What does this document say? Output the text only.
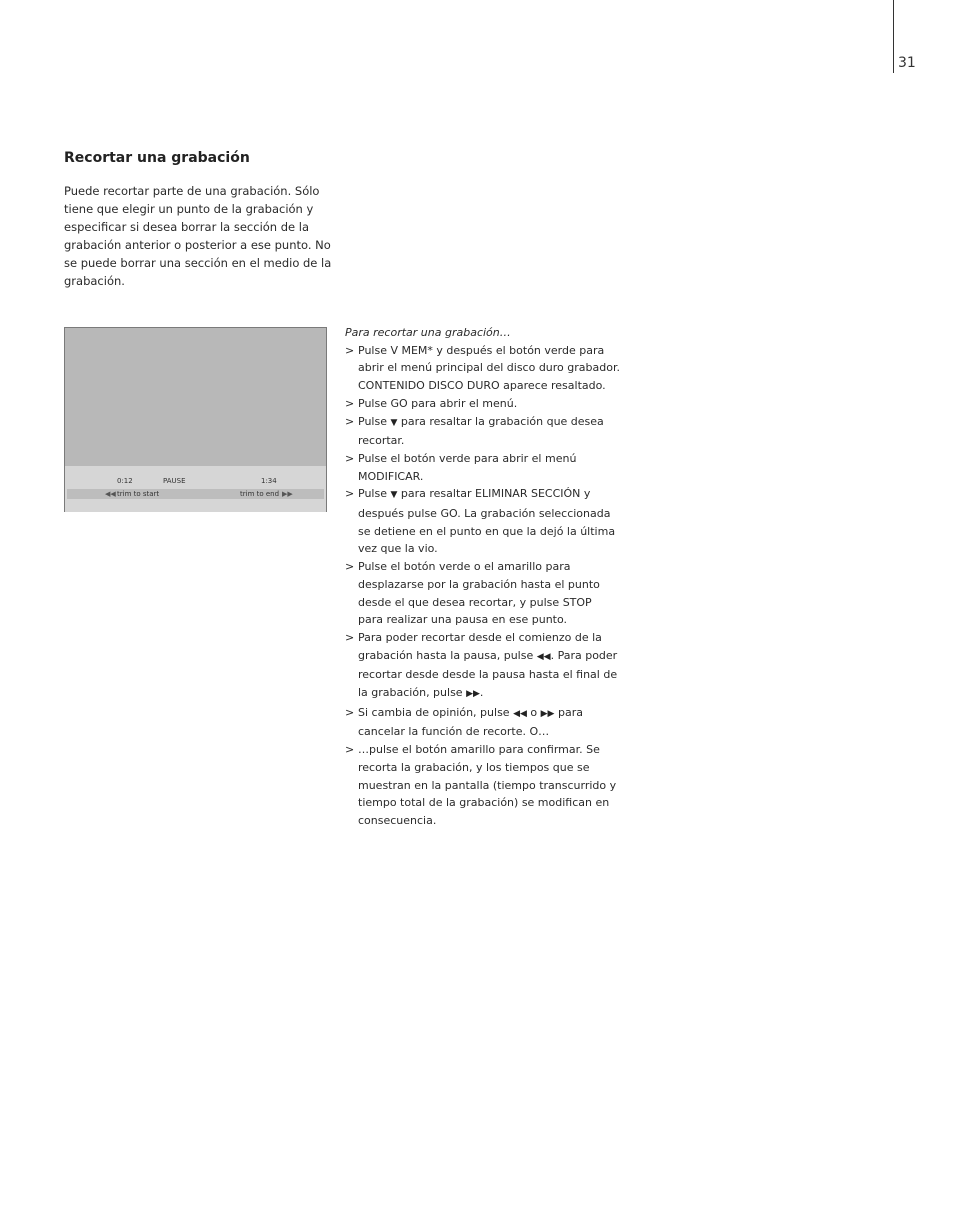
31
Recortar una grabación

Puede recortar parte de una grabación. Sólo tiene que elegir un punto de la grabación y especificar si desea borrar la sección de la grabación anterior o posterior a ese punto. No se puede borrar una sección en el medio de la grabación.

0:12	PAUSE	1:34
◀◀ trim to start	trim to end ▶▶

Para recortar una grabación…

> Pulse V MEM* y después el botón verde para abrir el menú principal del disco duro grabador. CONTENIDO DISCO DURO aparece resaltado.
> Pulse GO para abrir el menú.
> Pulse ▼ para resaltar la grabación que desea recortar.
> Pulse el botón verde para abrir el menú MODIFICAR.
> Pulse ▼ para resaltar ELIMINAR SECCIÓN y después pulse GO. La grabación seleccionada se detiene en el punto en que la dejó la última vez que la vio.
> Pulse el botón verde o el amarillo para desplazarse por la grabación hasta el punto desde el que desea recortar, y pulse STOP para realizar una pausa en ese punto.
> Para poder recortar desde el comienzo de la grabación hasta la pausa, pulse ◀◀. Para poder recortar desde desde la pausa hasta el final de la grabación, pulse ▶▶.
> Si cambia de opinión, pulse ◀◀ o ▶▶ para cancelar la función de recorte. O…
> …pulse el botón amarillo para confirmar. Se recorta la grabación, y los tiempos que se muestran en la pantalla (tiempo transcurrido y tiempo total de la grabación) se modifican en consecuencia.
